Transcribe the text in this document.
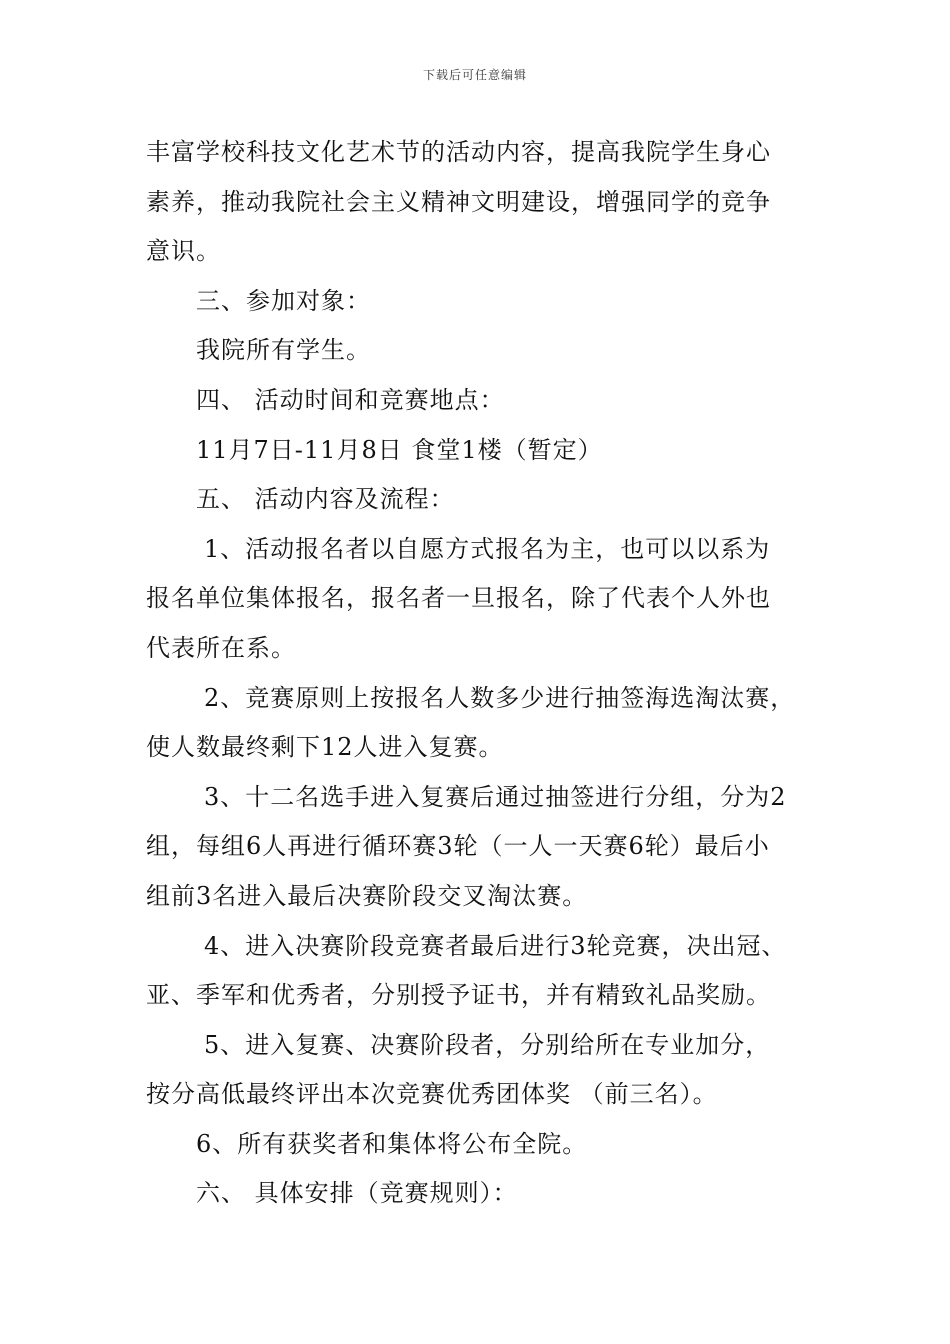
下载后可任意编辑
丰富学校科技文化艺术节的活动内容，提高我院学生身心
素养，推动我院社会主义精神文明建设，增强同学的竞争
意识。
三、参加对象：
我院所有学生。
四、 活动时间和竞赛地点：
11月7日-11月8日 食堂1楼（暂定）
五、 活动内容及流程：
1、活动报名者以自愿方式报名为主，也可以以系为
报名单位集体报名，报名者一旦报名，除了代表个人外也
代表所在系。
2、竞赛原则上按报名人数多少进行抽签海选淘汰赛，
使人数最终剩下12人进入复赛。
3、十二名选手进入复赛后通过抽签进行分组，分为2
组，每组6人再进行循环赛3轮（一人一天赛6轮）最后小
组前3名进入最后决赛阶段交叉淘汰赛。
4、进入决赛阶段竞赛者最后进行3轮竞赛，决出冠、
亚、季军和优秀者，分别授予证书，并有精致礼品奖励。
5、进入复赛、决赛阶段者，分别给所在专业加分，
按分高低最终评出本次竞赛优秀团体奖 （前三名）。
6、所有获奖者和集体将公布全院。
六、 具体安排（竞赛规则）：
